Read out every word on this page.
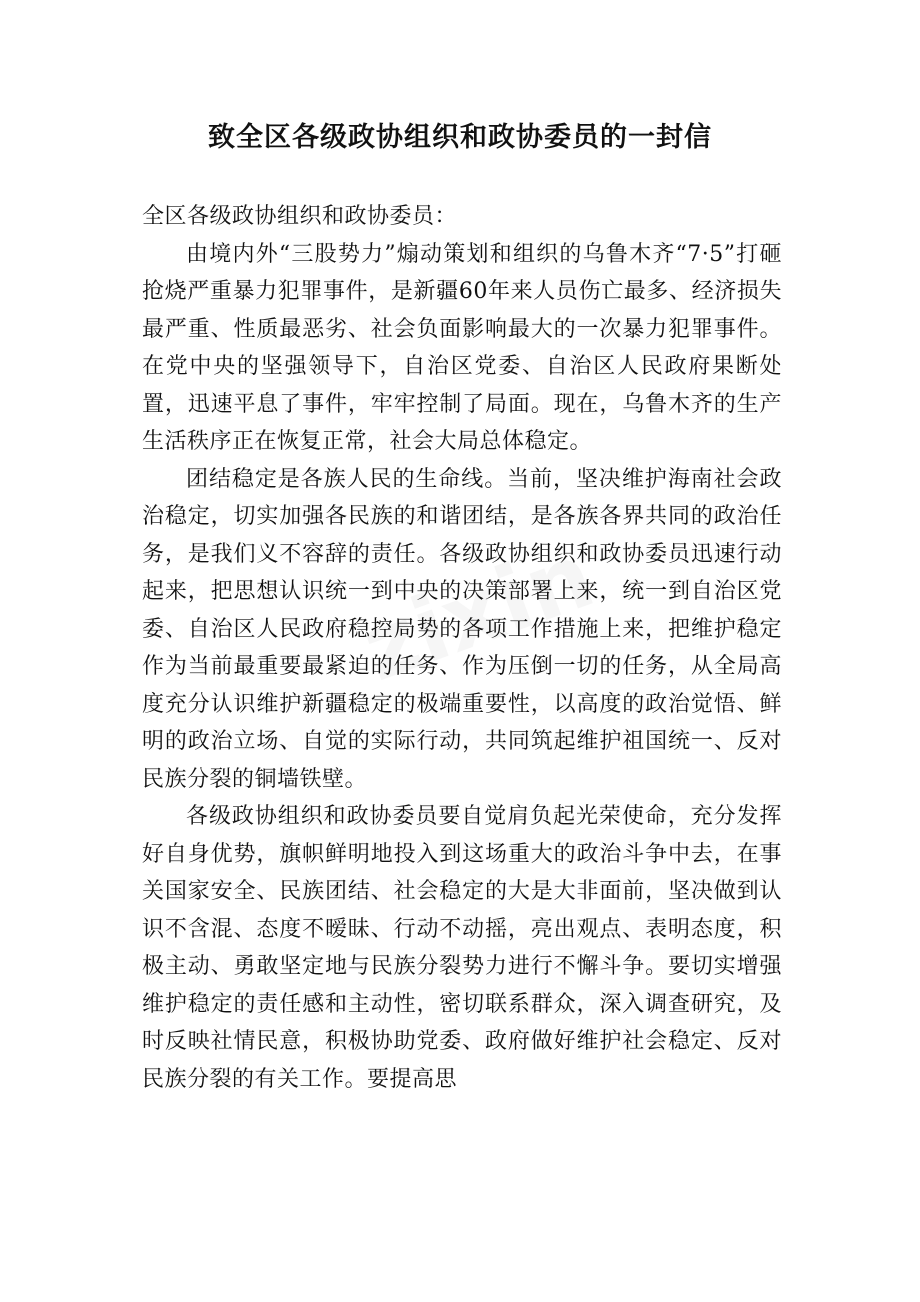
致全区各级政协组织和政协委员的一封信

全区各级政协组织和政协委员：

由境内外“三股势力”煽动策划和组织的乌鲁木齐“7·5”打砸抢烧严重暴力犯罪事件，是新疆60年来人员伤亡最多、经济损失最严重、性质最恶劣、社会负面影响最大的一次暴力犯罪事件。在党中央的坚强领导下，自治区党委、自治区人民政府果断处置，迅速平息了事件，牢牢控制了局面。现在，乌鲁木齐的生产生活秩序正在恢复正常，社会大局总体稳定。

团结稳定是各族人民的生命线。当前，坚决维护海南社会政治稳定，切实加强各民族的和谐团结，是各族各界共同的政治任务，是我们义不容辞的责任。各级政协组织和政协委员迅速行动起来，把思想认识统一到中央的决策部署上来，统一到自治区党委、自治区人民政府稳控局势的各项工作措施上来，把维护稳定作为当前最重要最紧迫的任务、作为压倒一切的任务，从全局高度充分认识维护新疆稳定的极端重要性，以高度的政治觉悟、鲜明的政治立场、自觉的实际行动，共同筑起维护祖国统一、反对民族分裂的铜墙铁壁。

各级政协组织和政协委员要自觉肩负起光荣使命，充分发挥好自身优势，旗帜鲜明地投入到这场重大的政治斗争中去，在事关国家安全、民族团结、社会稳定的大是大非面前，坚决做到认识不含混、态度不暧昧、行动不动摇，亮出观点、表明态度，积极主动、勇敢坚定地与民族分裂势力进行不懈斗争。要切实增强维护稳定的责任感和主动性，密切联系群众，深入调查研究，及时反映社情民意，积极协助党委、政府做好维护社会稳定、反对民族分裂的有关工作。要提高思
